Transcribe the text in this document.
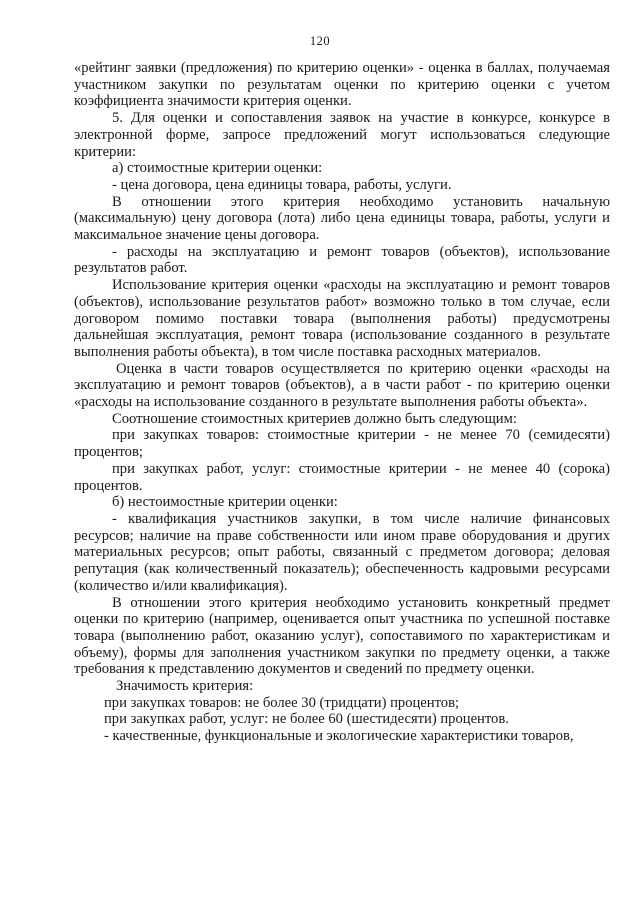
120

«рейтинг заявки (предложения) по критерию оценки» - оценка в баллах, получаемая участником закупки по результатам оценки по критерию оценки с учетом коэффициента значимости критерия оценки.

5. Для оценки и сопоставления заявок на участие в конкурсе, конкурсе в электронной форме, запросе предложений могут использоваться следующие критерии:

а) стоимостные критерии оценки:

- цена договора, цена единицы товара, работы, услуги.

В отношении этого критерия необходимо установить начальную (максимальную) цену договора (лота) либо цена единицы товара, работы, услуги и максимальное значение цены договора.

- расходы на эксплуатацию и ремонт товаров (объектов), использование результатов работ.

Использование критерия оценки «расходы на эксплуатацию и ремонт товаров (объектов), использование результатов работ» возможно только в том случае, если договором помимо поставки товара (выполнения работы) предусмотрены дальнейшая эксплуатация, ремонт товара (использование созданного в результате выполнения работы объекта), в том числе поставка расходных материалов.

Оценка в части товаров осуществляется по критерию оценки «расходы на эксплуатацию и ремонт товаров (объектов), а в части работ - по критерию оценки «расходы на использование созданного в результате выполнения работы объекта».

Соотношение стоимостных критериев должно быть следующим:

при закупках товаров: стоимостные критерии - не менее 70 (семидесяти) процентов;

при закупках работ, услуг: стоимостные критерии - не менее 40 (сорока) процентов.

б) нестоимостные критерии оценки:

- квалификация участников закупки, в том числе наличие финансовых ресурсов; наличие на праве собственности или ином праве оборудования и других материальных ресурсов; опыт работы, связанный с предметом договора; деловая репутация (как количественный показатель); обеспеченность кадровыми ресурсами (количество и/или квалификация).

В отношении этого критерия необходимо установить конкретный предмет оценки по критерию (например, оценивается опыт участника по успешной поставке товара (выполнению работ, оказанию услуг), сопоставимого по характеристикам и объему), формы для заполнения участником закупки по предмету оценки, а также требования к представлению документов и сведений по предмету оценки.

Значимость критерия:

при закупках товаров: не более 30 (тридцати) процентов;

при закупках работ, услуг: не более 60 (шестидесяти) процентов.

- качественные, функциональные и экологические характеристики товаров,
